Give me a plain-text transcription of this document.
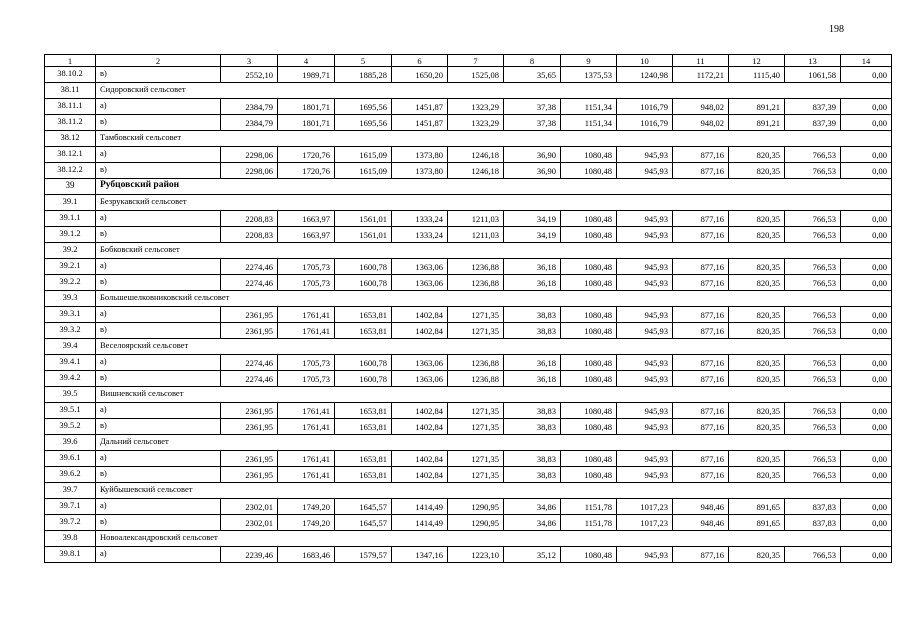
198
1	2	3	4	5	6	7	8	9	10	11	12	13	14
38.10.2	в)	2552,10	1989,71	1885,28	1650,20	1525,08	35,65	1375,53	1240,98	1172,21	1115,40	1061,58	0,00
38.11	Сидоровский сельсовет												
38.11.1	а)	2384,79	1801,71	1695,56	1451,87	1323,29	37,38	1151,34	1016,79	948,02	891,21	837,39	0,00
38.11.2	в)	2384,79	1801,71	1695,56	1451,87	1323,29	37,38	1151,34	1016,79	948,02	891,21	837,39	0,00
38.12	Тамбовский сельсовет												
38.12.1	а)	2298,06	1720,76	1615,09	1373,80	1246,18	36,90	1080,48	945,93	877,16	820,35	766,53	0,00
38.12.2	в)	2298,06	1720,76	1615,09	1373,80	1246,18	36,90	1080,48	945,93	877,16	820,35	766,53	0,00
39	Рубцовский район												
39.1	Безрукавский сельсовет												
39.1.1	а)	2208,83	1663,97	1561,01	1333,24	1211,03	34,19	1080,48	945,93	877,16	820,35	766,53	0,00
39.1.2	в)	2208,83	1663,97	1561,01	1333,24	1211,03	34,19	1080,48	945,93	877,16	820,35	766,53	0,00
39.2	Бобковский сельсовет												
39.2.1	а)	2274,46	1705,73	1600,78	1363,06	1236,88	36,18	1080,48	945,93	877,16	820,35	766,53	0,00
39.2.2	в)	2274,46	1705,73	1600,78	1363,06	1236,88	36,18	1080,48	945,93	877,16	820,35	766,53	0,00
39.3	Большешелковниковский сельсовет												
39.3.1	а)	2361,95	1761,41	1653,81	1402,84	1271,35	38,83	1080,48	945,93	877,16	820,35	766,53	0,00
39.3.2	в)	2361,95	1761,41	1653,81	1402,84	1271,35	38,83	1080,48	945,93	877,16	820,35	766,53	0,00
39.4	Веселоярский сельсовет												
39.4.1	а)	2274,46	1705,73	1600,78	1363,06	1236,88	36,18	1080,48	945,93	877,16	820,35	766,53	0,00
39.4.2	в)	2274,46	1705,73	1600,78	1363,06	1236,88	36,18	1080,48	945,93	877,16	820,35	766,53	0,00
39.5	Вишневский сельсовет												
39.5.1	а)	2361,95	1761,41	1653,81	1402,84	1271,35	38,83	1080,48	945,93	877,16	820,35	766,53	0,00
39.5.2	в)	2361,95	1761,41	1653,81	1402,84	1271,35	38,83	1080,48	945,93	877,16	820,35	766,53	0,00
39.6	Дальний сельсовет												
39.6.1	а)	2361,95	1761,41	1653,81	1402,84	1271,35	38,83	1080,48	945,93	877,16	820,35	766,53	0,00
39.6.2	в)	2361,95	1761,41	1653,81	1402,84	1271,35	38,83	1080,48	945,93	877,16	820,35	766,53	0,00
39.7	Куйбышевский сельсовет												
39.7.1	а)	2302,01	1749,20	1645,57	1414,49	1290,95	34,86	1151,78	1017,23	948,46	891,65	837,83	0,00
39.7.2	в)	2302,01	1749,20	1645,57	1414,49	1290,95	34,86	1151,78	1017,23	948,46	891,65	837,83	0,00
39.8	Новоалександровский сельсовет												
39.8.1	а)	2239,46	1683,46	1579,57	1347,16	1223,10	35,12	1080,48	945,93	877,16	820,35	766,53	0,00
